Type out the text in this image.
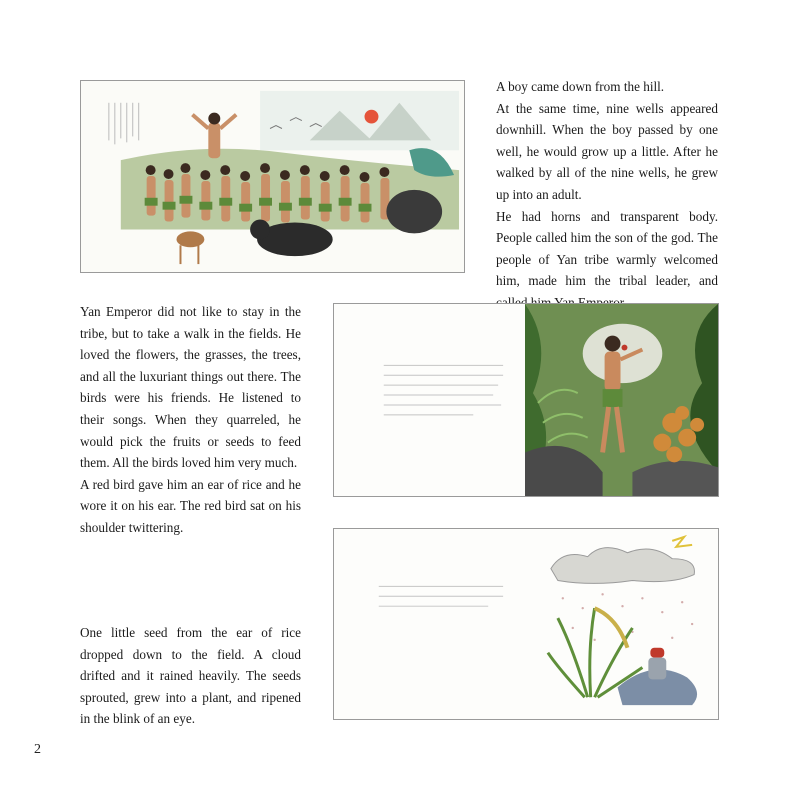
A boy came down from the hill.

At the same time, nine wells appeared downhill. When the boy passed by one well, he would grow up a little. After he walked by all of the nine wells, he grew up into an adult.

He had horns and transparent body. People called him the son of the god. The people of Yan tribe warmly welcomed him, made him the tribal leader, and

Yan Emperor did not like to stay in the tribe, but to take a walk in the fields. He loved the flowers, the grasses, the trees, and all the luxuriant things out there. The birds were his friends. He listened to their songs. When they quarreled, he would pick the fruits or seeds to feed them. All the birds loved him very much.

A red bird gave him an ear of rice and he wore it on his ear. The red bird sat on his shoulder twittering.

One little seed from the ear of rice dropped down to the field. A cloud drifted and it rained heavily. The seeds sprouted, grew into a plant, and ripened in the blink of an eye.

2
